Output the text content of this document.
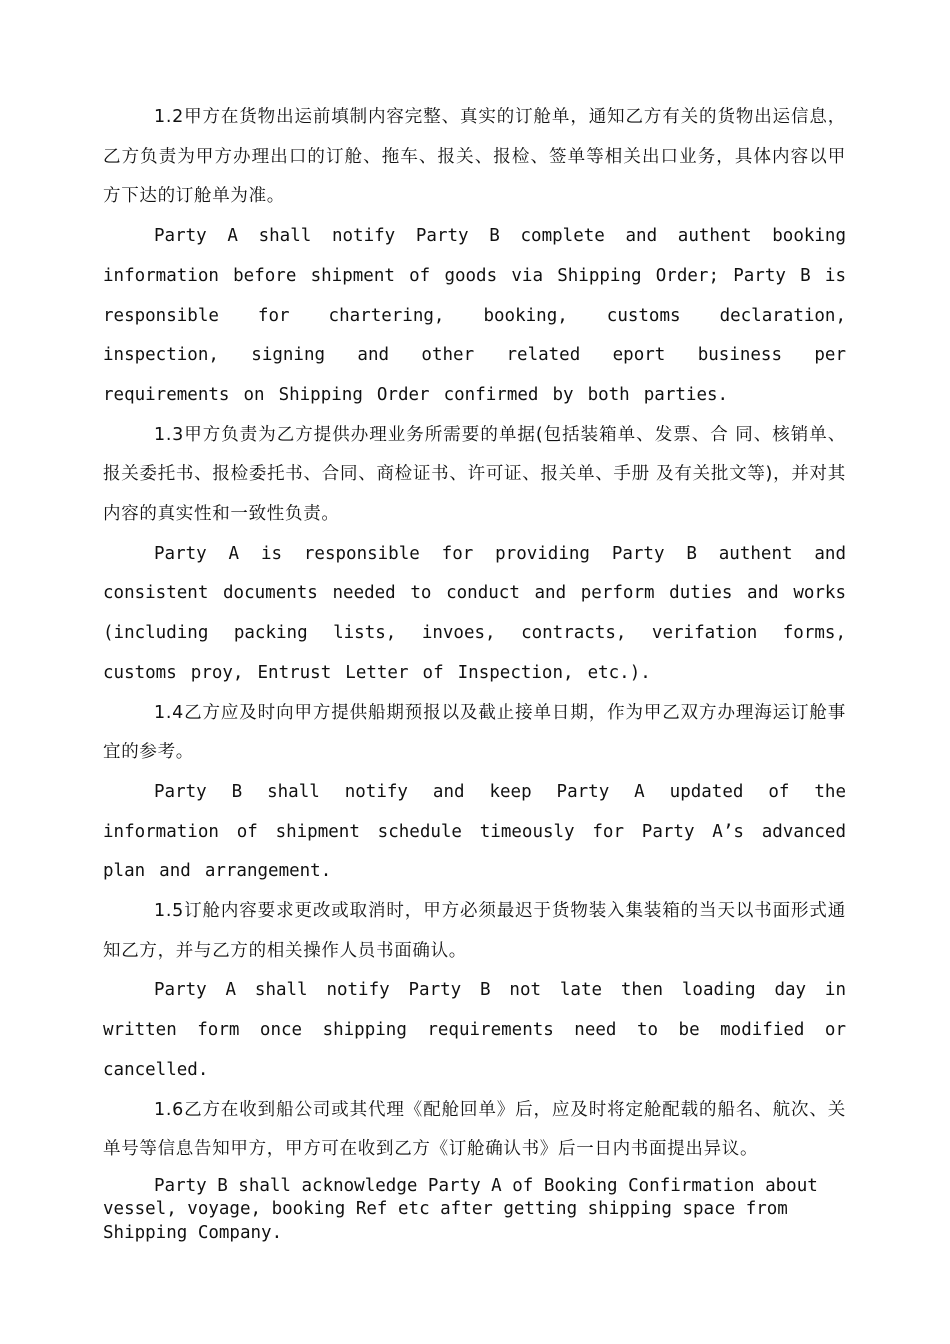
1.2甲方在货物出运前填制内容完整、真实的订舱单，通知乙方有关的货物出运信息，乙方负责为甲方办理出口的订舱、拖车、报关、报检、签单等相关出口业务，具体内容以甲方下达的订舱单为准。

Party A shall notify Party B complete and authent booking information before shipment of goods via Shipping Order; Party B is responsible for chartering, booking, customs declaration, inspection, signing and other related eport business per requirements on Shipping Order confirmed by both parties.

1.3甲方负责为乙方提供办理业务所需要的单据(包括装箱单、发票、合 同、核销单、报关委托书、报检委托书、合同、商检证书、许可证、报关单、手册 及有关批文等)，并对其内容的真实性和一致性负责。

Party A is responsible for providing Party B authent and consistent documents needed to conduct and perform duties and works (including packing lists, invoes, contracts, verifation forms, customs proy, Entrust Letter of Inspection, etc.).

1.4乙方应及时向甲方提供船期预报以及截止接单日期，作为甲乙双方办理海运订舱事宜的参考。

Party B shall notify and keep Party A updated of the information of shipment schedule timeously for Party A’s advanced plan and arrangement.

1.5订舱内容要求更改或取消时，甲方必须最迟于货物装入集装箱的当天以书面形式通知乙方，并与乙方的相关操作人员书面确认。

Party A shall notify Party B not late then loading day in written form once shipping requirements need to be modified or cancelled.

1.6乙方在收到船公司或其代理《配舱回单》后，应及时将定舱配载的船名、航次、关单号等信息告知甲方，甲方可在收到乙方《订舱确认书》后一日内书面提出异议。

Party B shall acknowledge Party A of Booking Confirmation about vessel, voyage, booking Ref etc after getting shipping space from Shipping Company.
